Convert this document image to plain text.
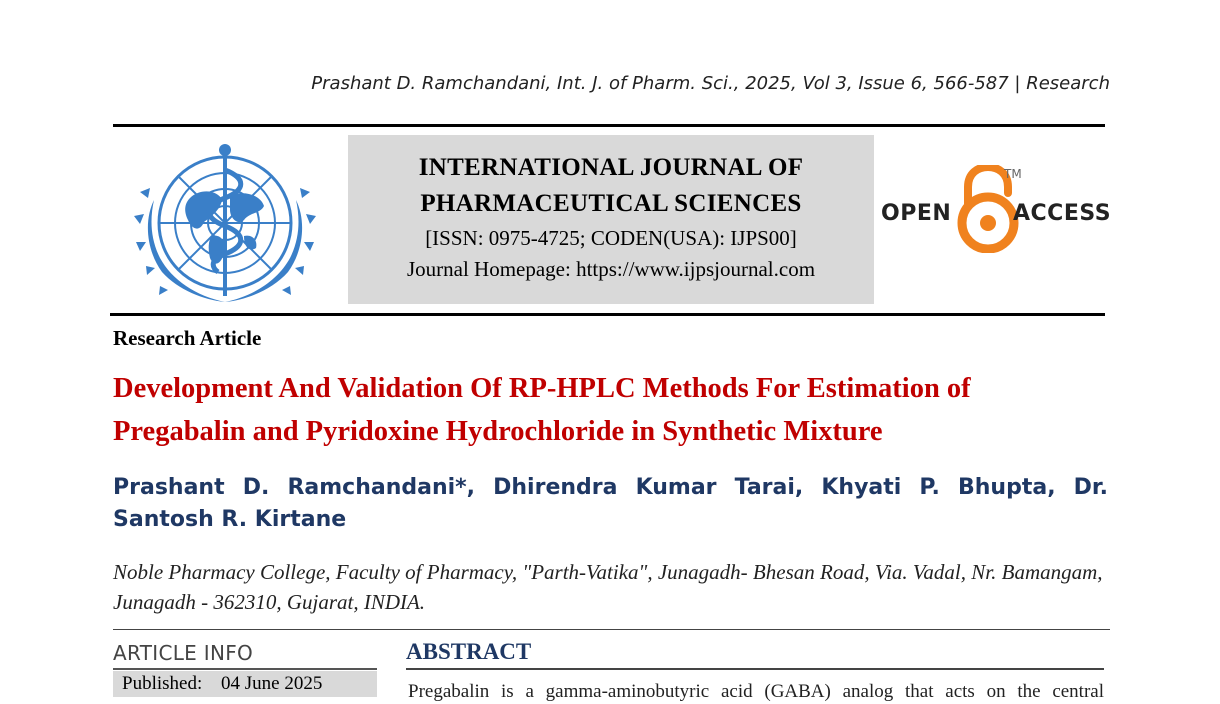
Prashant D. Ramchandani, Int. J. of Pharm. Sci., 2025, Vol 3, Issue 6, 566-587 | Research
INTERNATIONAL JOURNAL OF PHARMACEUTICAL SCIENCES
[ISSN: 0975-4725; CODEN(USA): IJPS00]
Journal Homepage: https://www.ijpsjournal.com
OPEN
TM
ACCESS
Research Article
Development And Validation Of RP-HPLC Methods For Estimation of Pregabalin and Pyridoxine Hydrochloride in Synthetic Mixture
Prashant D. Ramchandani*, Dhirendra Kumar Tarai, Khyati P. Bhupta, Dr. Santosh R. Kirtane
Noble Pharmacy College, Faculty of Pharmacy, "Parth-Vatika", Junagadh- Bhesan Road, Via. Vadal, Nr. Bamangam, Junagadh - 362310, Gujarat, INDIA.
ARTICLE INFO
Published: 04 June 2025
ABSTRACT
Pregabalin is a gamma-aminobutyric acid (GABA) analog that acts on the central
